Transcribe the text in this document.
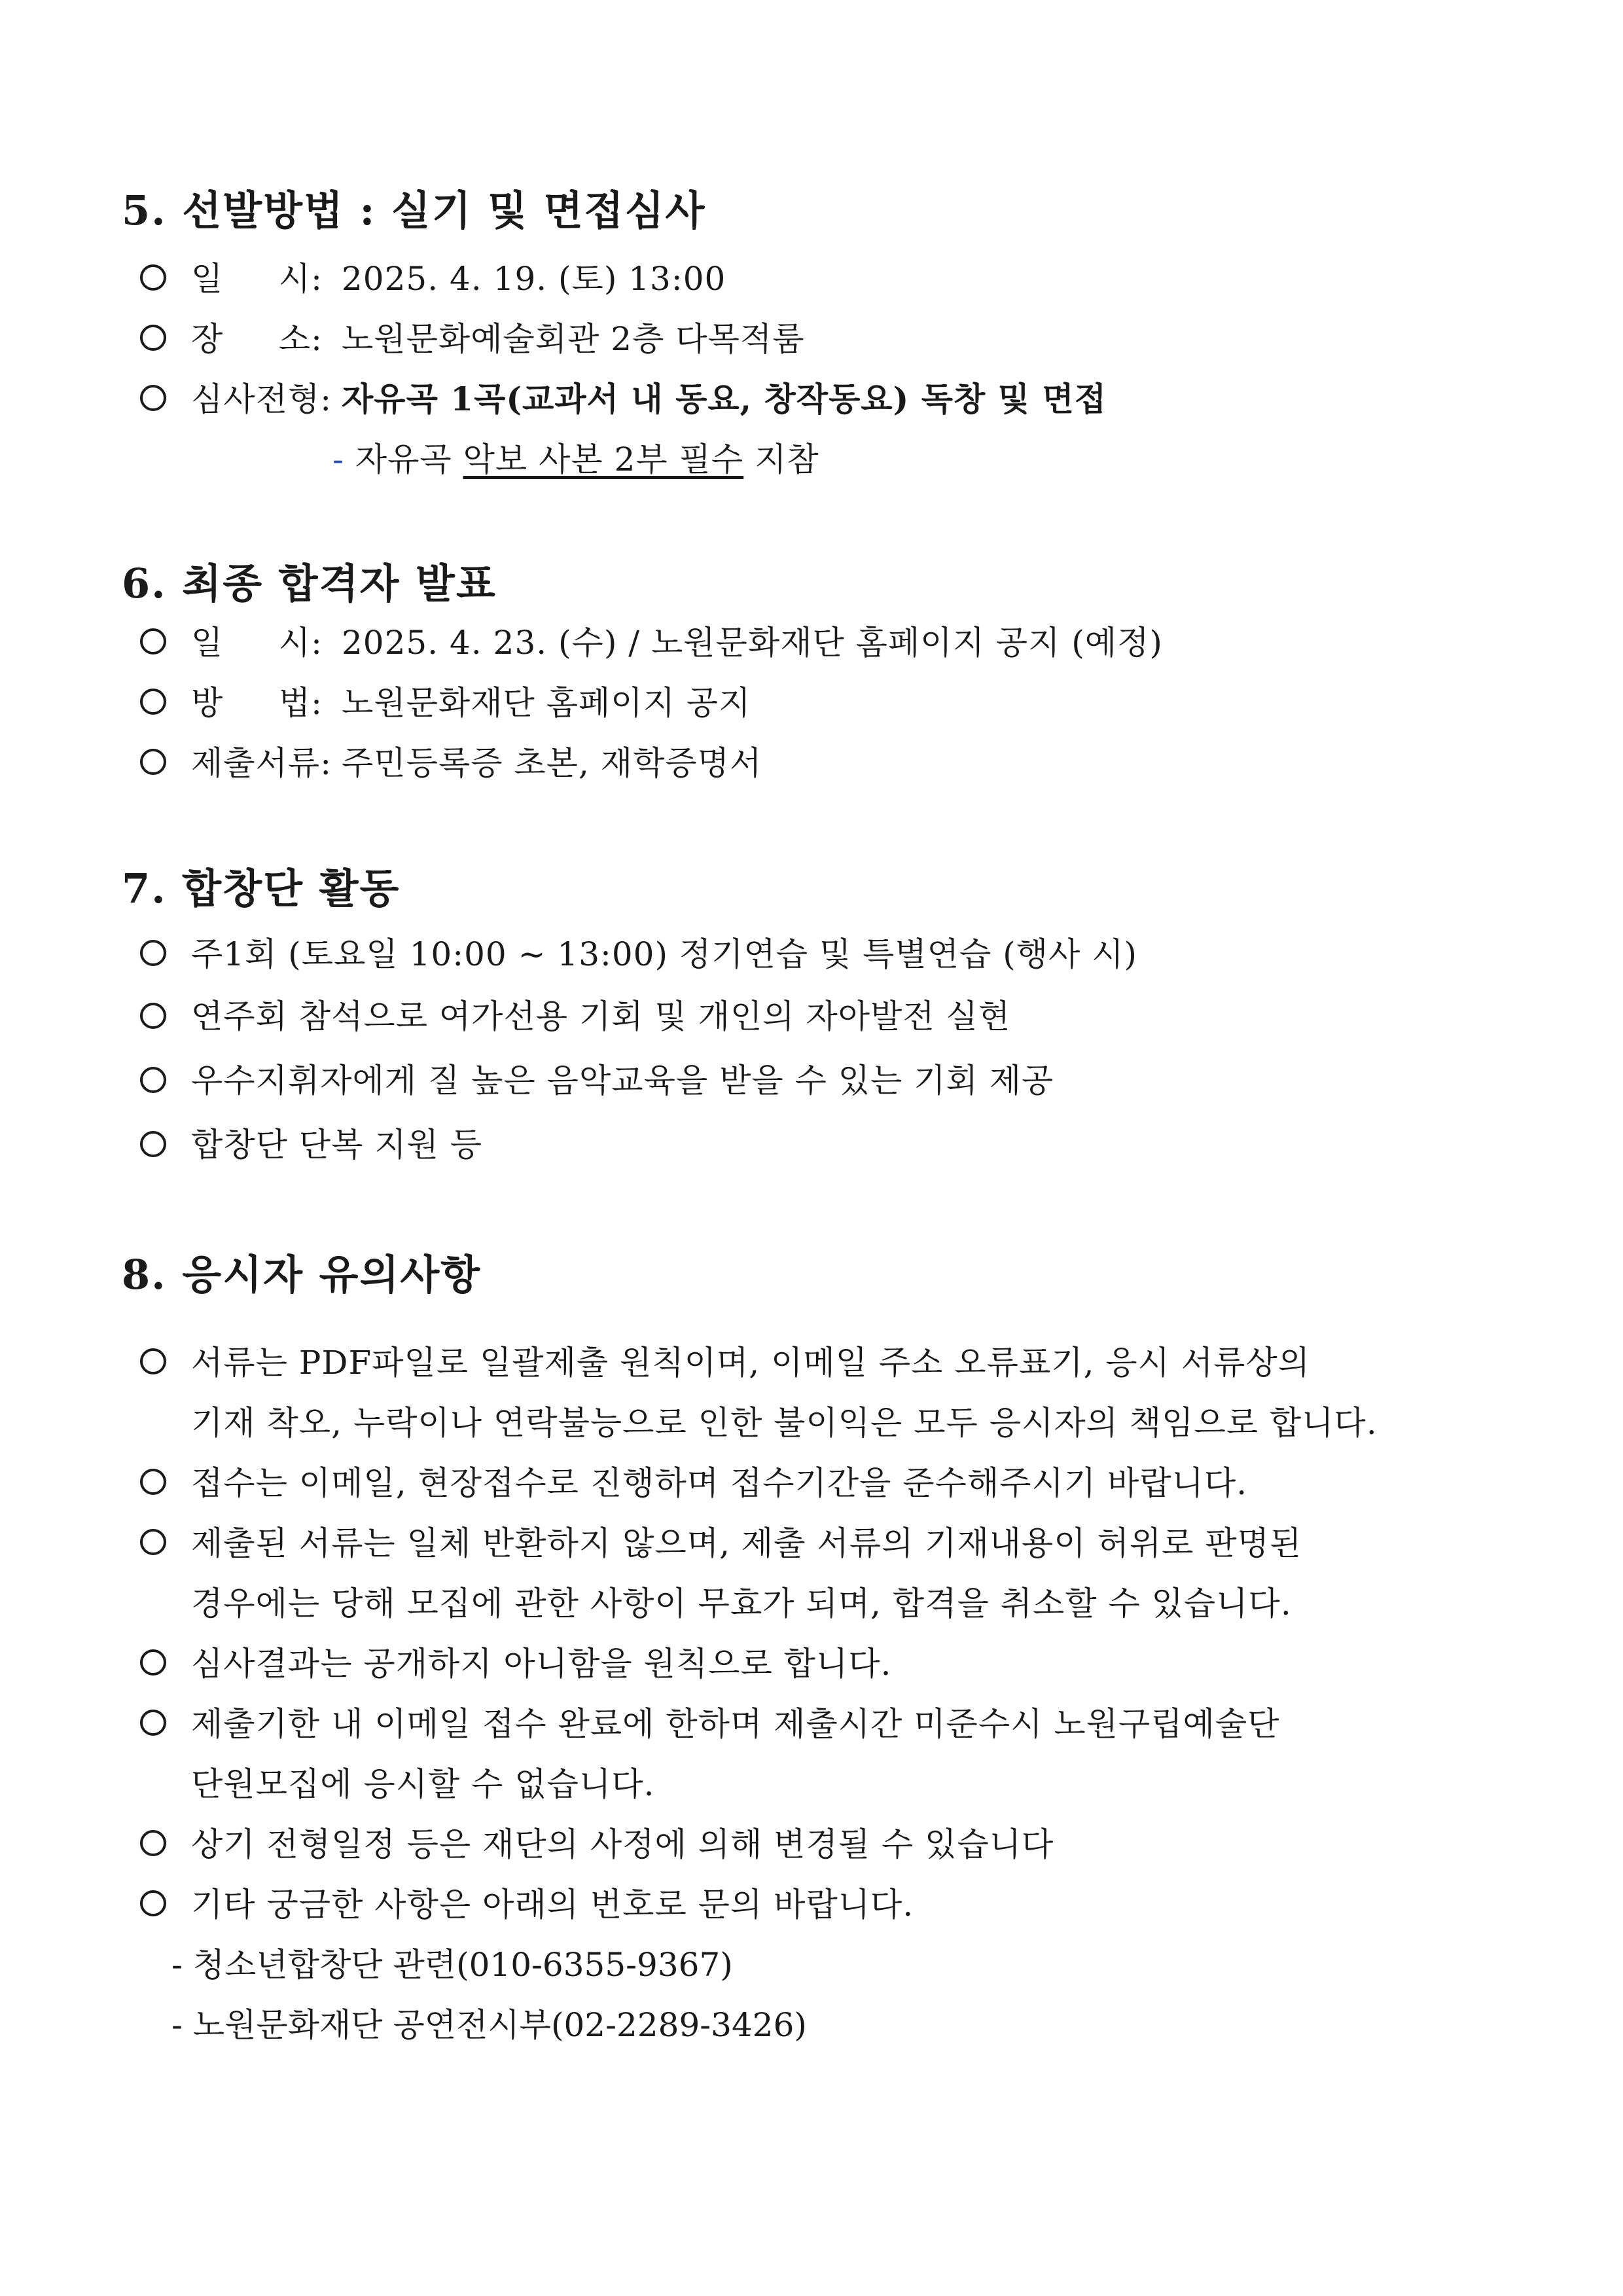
5. 선발방법 : 실기 및 면접심사
일     시: 2025. 4. 19. (토) 13:00
장     소: 노원문화예술회관 2층 다목적룸
심사전형: 자유곡 1곡(교과서 내 동요, 창작동요) 독창 및 면접
- 자유곡 악보 사본 2부 필수 지참
6. 최종 합격자 발표
일     시: 2025. 4. 23. (수) / 노원문화재단 홈페이지 공지 (예정)
방     법: 노원문화재단 홈페이지 공지
제출서류: 주민등록증 초본, 재학증명서
7. 합창단 활동
주1회 (토요일 10:00 ~ 13:00) 정기연습 및 특별연습 (행사 시)
연주회 참석으로 여가선용 기회 및 개인의 자아발전 실현
우수지휘자에게 질 높은 음악교육을 받을 수 있는 기회 제공
합창단 단복 지원 등
8. 응시자 유의사항
서류는 PDF파일로 일괄제출 원칙이며, 이메일 주소 오류표기, 응시 서류상의
기재 착오, 누락이나 연락불능으로 인한 불이익은 모두 응시자의 책임으로 합니다.
접수는 이메일, 현장접수로 진행하며 접수기간을 준수해주시기 바랍니다.
제출된 서류는 일체 반환하지 않으며, 제출 서류의 기재내용이 허위로 판명된
경우에는 당해 모집에 관한 사항이 무효가 되며, 합격을 취소할 수 있습니다.
심사결과는 공개하지 아니함을 원칙으로 합니다.
제출기한 내 이메일 접수 완료에 한하며 제출시간 미준수시 노원구립예술단
단원모집에 응시할 수 없습니다.
상기 전형일정 등은 재단의 사정에 의해 변경될 수 있습니다
기타 궁금한 사항은 아래의 번호로 문의 바랍니다.
- 청소년합창단 관련(010-6355-9367)
- 노원문화재단 공연전시부(02-2289-3426)
